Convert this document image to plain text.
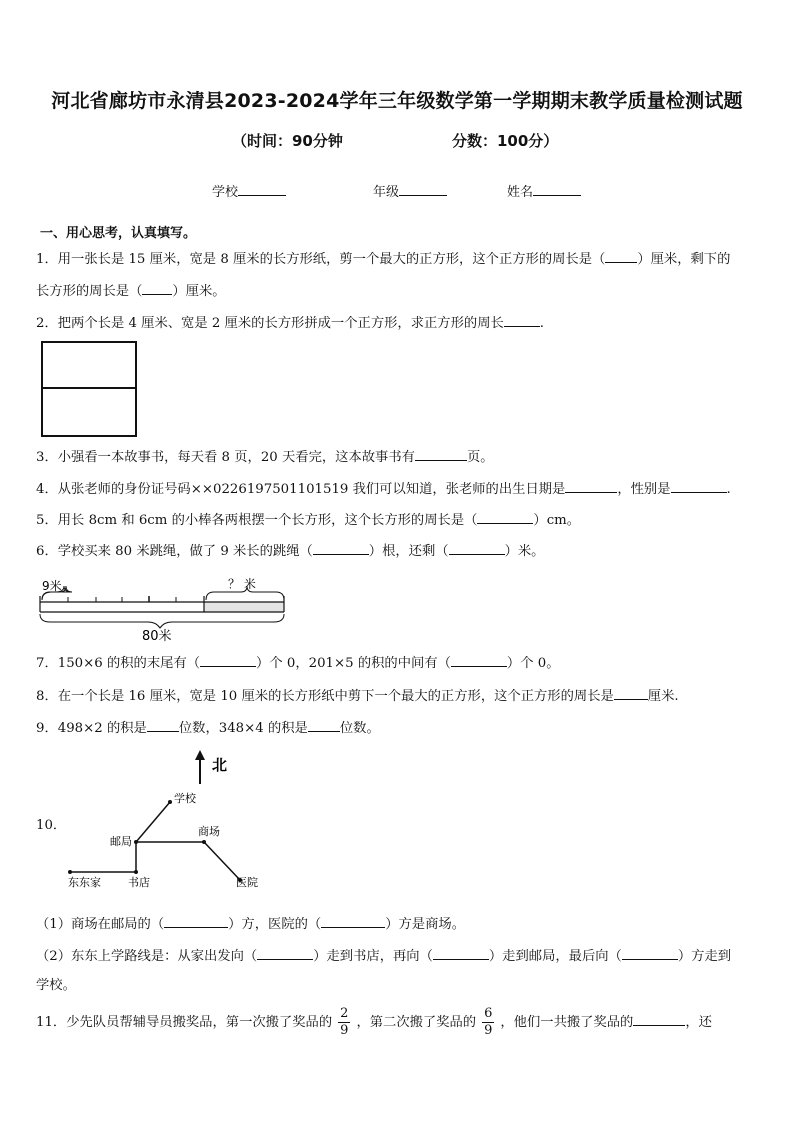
河北省廊坊市永清县2023-2024学年三年级数学第一学期期末教学质量检测试题
（时间：90分钟	分数：100分）
学校	年级	姓名
一、用心思考，认真填写。
1．用一张长是 15 厘米，宽是 8 厘米的长方形纸，剪一个最大的正方形，这个正方形的周长是（ ）厘米，剩下的
长方形的周长是（ ）厘米。
2．把两个长是 4 厘米、宽是 2 厘米的长方形拼成一个正方形，求正方形的周长	.
3．小强看一本故事书，每天看 8 页，20 天看完，这本故事书有	页。
4．从张老师的身份证号码××0226197501101519 我们可以知道，张老师的出生日期是	，性别是	.
5．用长 8cm 和 6cm 的小棒各两根摆一个长方形，这个长方形的周长是（	）cm。
6．学校买来 80 米跳绳，做了 9 米长的跳绳（	）根，还剩（	）米。
9米	？ 米
80米
7．150×6 的积的末尾有（	）个 0，201×5 的积的中间有（	）个 0。
8．在一个长是 16 厘米，宽是 10 厘米的长方形纸中剪下一个最大的正方形，这个正方形的周长是	厘米.
9．498×2 的积是 位数，348×4 的积是 位数。
10．
北
学校
邮局
商场
东东家 书店	医院
（1）商场在邮局的（	）方，医院的（	）方是商场。
（2）东东上学路线是：从家出发向（	）走到书店，再向（	）走到邮局，最后向（	）方走到
学校。
11．少先队员帮辅导员搬奖品，第一次搬了奖品的 $\frac{2}{9}$ ，第二次搬了奖品的 $\frac{6}{9}$ ，他们一共搬了奖品的	，还
